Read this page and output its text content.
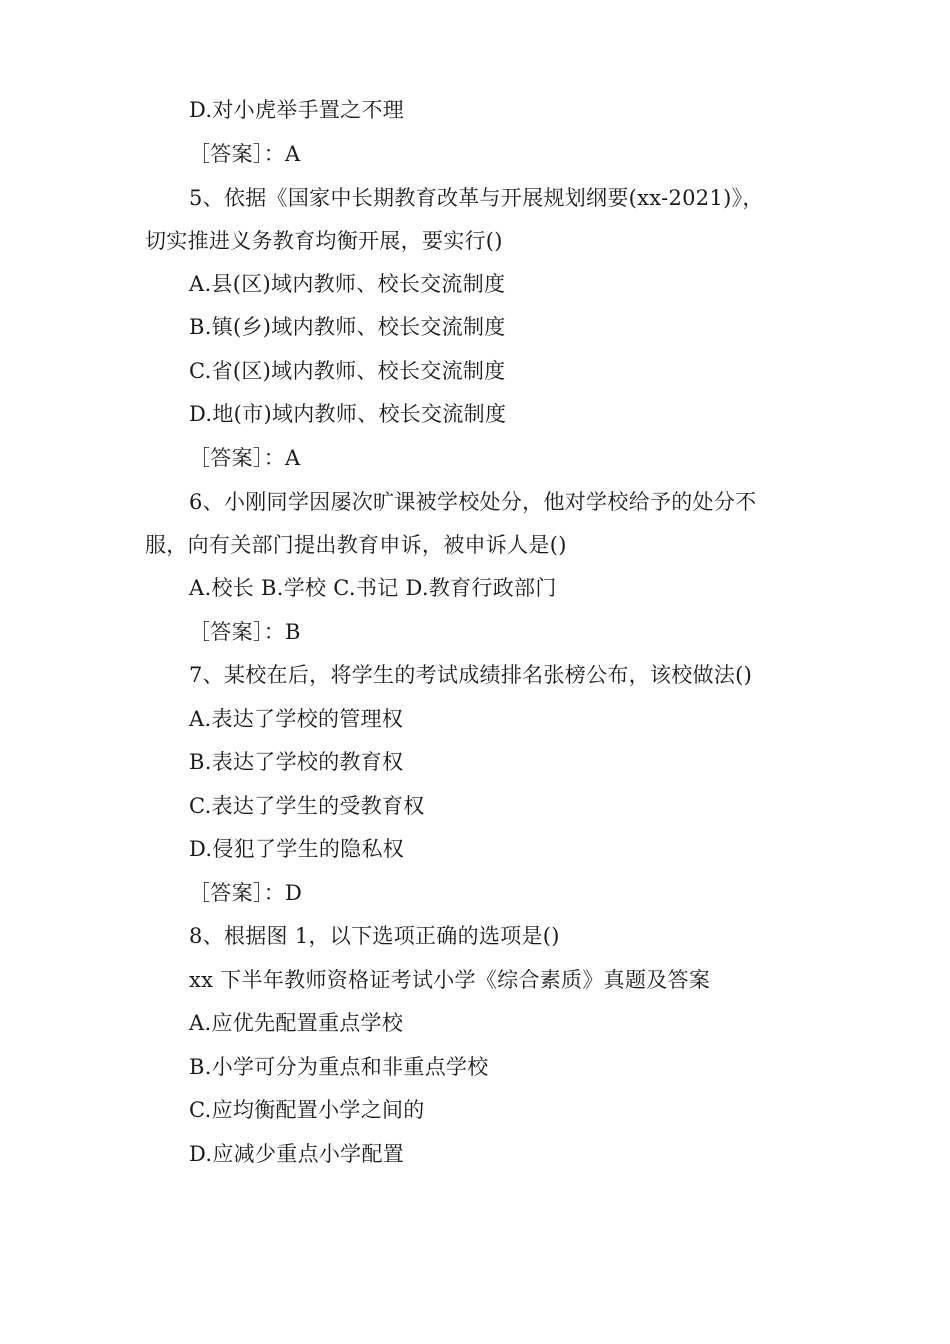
D.对小虎举手置之不理
［答案］：A
5、依据《国家中长期教育改革与开展规划纲要(xx-2021)》，
切实推进义务教育均衡开展，要实行()
A.县(区)域内教师、校长交流制度
B.镇(乡)域内教师、校长交流制度
C.省(区)域内教师、校长交流制度
D.地(市)域内教师、校长交流制度
［答案］：A
6、小刚同学因屡次旷课被学校处分，他对学校给予的处分不
服，向有关部门提出教育申诉，被申诉人是()
A.校长 B.学校 C.书记 D.教育行政部门
［答案］：B
7、某校在后，将学生的考试成绩排名张榜公布，该校做法()
A.表达了学校的管理权
B.表达了学校的教育权
C.表达了学生的受教育权
D.侵犯了学生的隐私权
［答案］：D
8、根据图 1，以下选项正确的选项是()
xx 下半年教师资格证考试小学《综合素质》真题及答案
A.应优先配置重点学校
B.小学可分为重点和非重点学校
C.应均衡配置小学之间的
D.应减少重点小学配置
